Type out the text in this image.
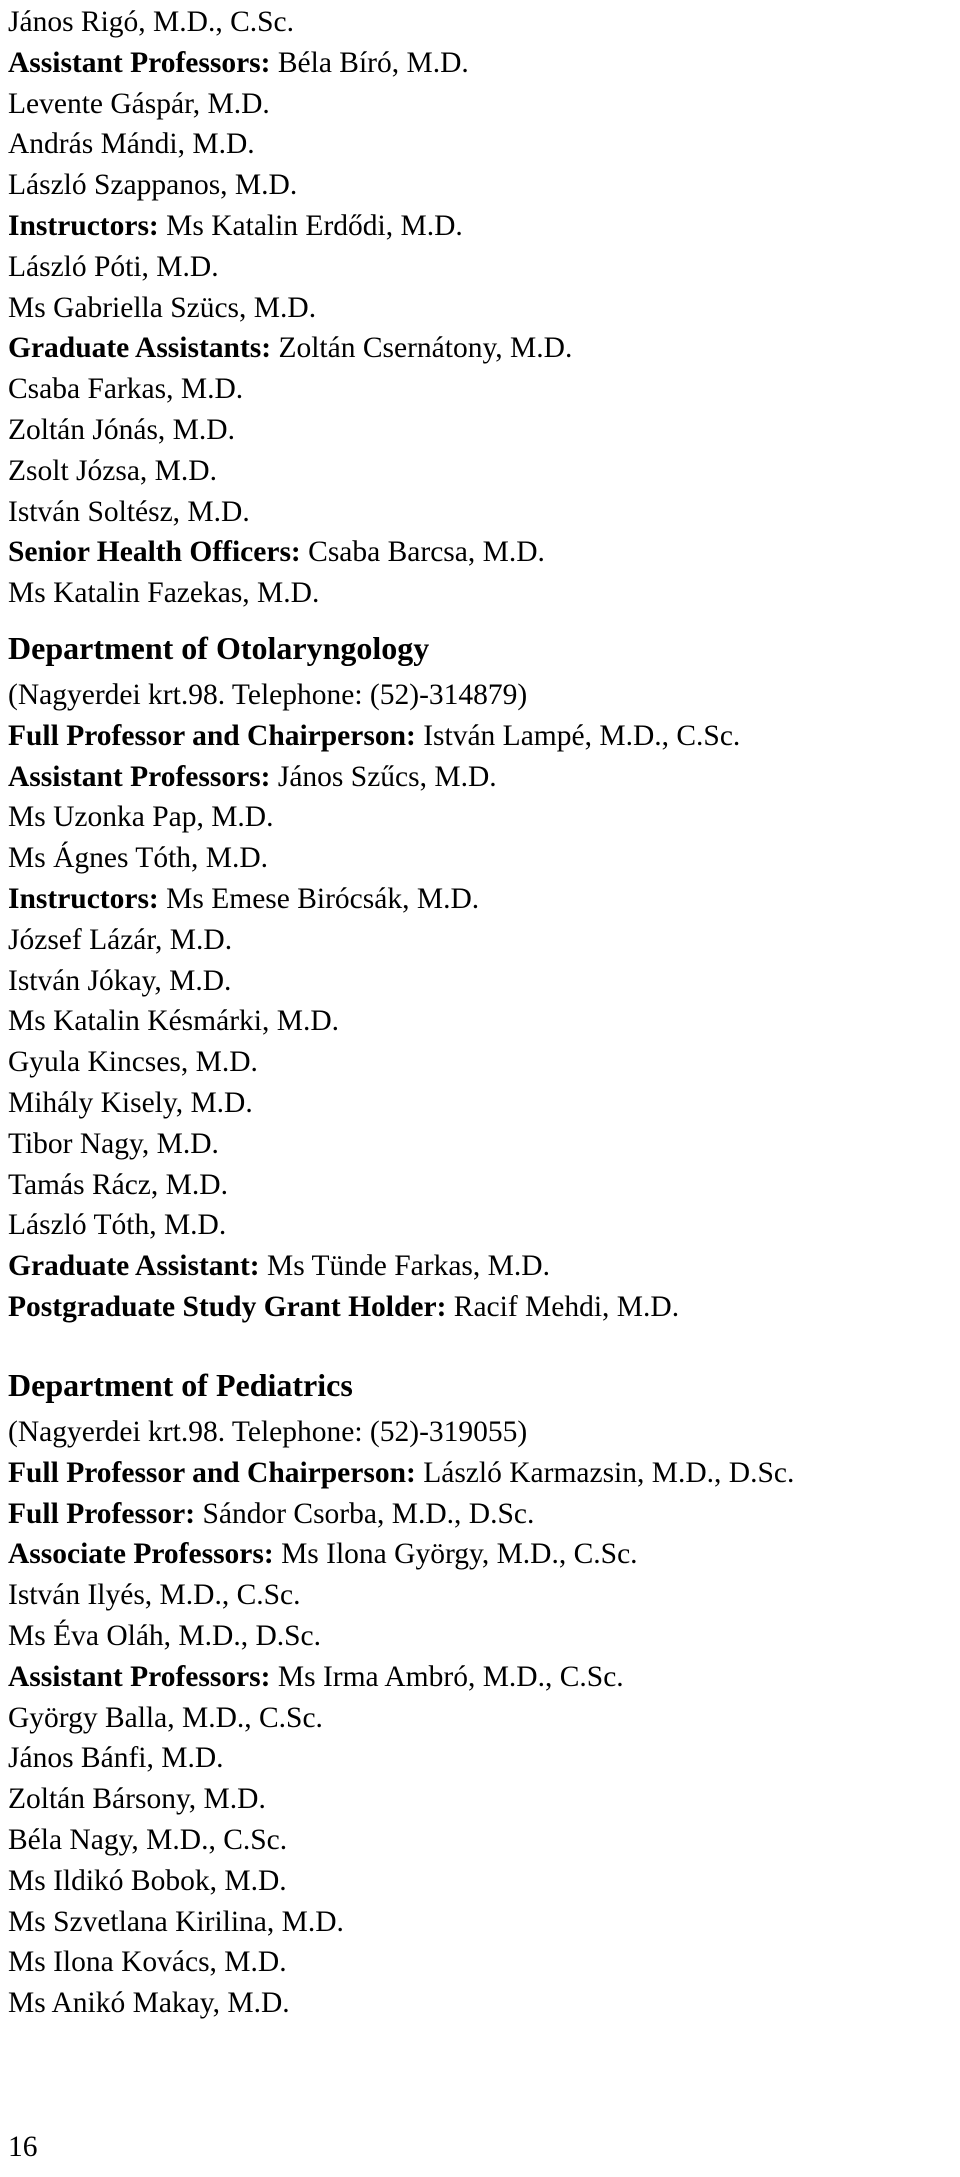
János Rigó, M.D., C.Sc.

Assistant Professors: Béla Bíró, M.D.

Levente Gáspár, M.D.

András Mándi, M.D.

László Szappanos, M.D.

Instructors: Ms Katalin Erdődi, M.D.

László Póti, M.D.

Ms Gabriella Szücs, M.D.

Graduate Assistants: Zoltán Csernátony, M.D.

Csaba Farkas, M.D.

Zoltán Jónás, M.D.

Zsolt Józsa, M.D.

István Soltész, M.D.

Senior Health Officers: Csaba Barcsa, M.D.

Ms Katalin Fazekas, M.D.

Department of Otolaryngology

(Nagyerdei krt.98. Telephone: (52)-314879)

Full Professor and Chairperson: István Lampé, M.D., C.Sc.

Assistant Professors: János Szűcs, M.D.

Ms Uzonka Pap, M.D.

Ms Ágnes Tóth, M.D.

Instructors: Ms Emese Birócsák, M.D.

József Lázár, M.D.

István Jókay, M.D.

Ms Katalin Késmárki, M.D.

Gyula Kincses, M.D.

Mihály Kisely, M.D.

Tibor Nagy, M.D.

Tamás Rácz, M.D.

László Tóth, M.D.

Graduate Assistant: Ms Tünde Farkas, M.D.

Postgraduate Study Grant Holder: Racif Mehdi, M.D.

Department of Pediatrics

(Nagyerdei krt.98. Telephone: (52)-319055)

Full Professor and Chairperson: László Karmazsin, M.D., D.Sc.

Full Professor: Sándor Csorba, M.D., D.Sc.

Associate Professors: Ms Ilona György, M.D., C.Sc.

István Ilyés, M.D., C.Sc.

Ms Éva Oláh, M.D., D.Sc.

Assistant Professors: Ms Irma Ambró, M.D., C.Sc.

György Balla, M.D., C.Sc.

János Bánfi, M.D.

Zoltán Bársony, M.D.

Béla Nagy, M.D., C.Sc.

Ms Ildikó Bobok, M.D.

Ms Szvetlana Kirilina, M.D.

Ms Ilona Kovács, M.D.

Ms Anikó Makay, M.D.

16
